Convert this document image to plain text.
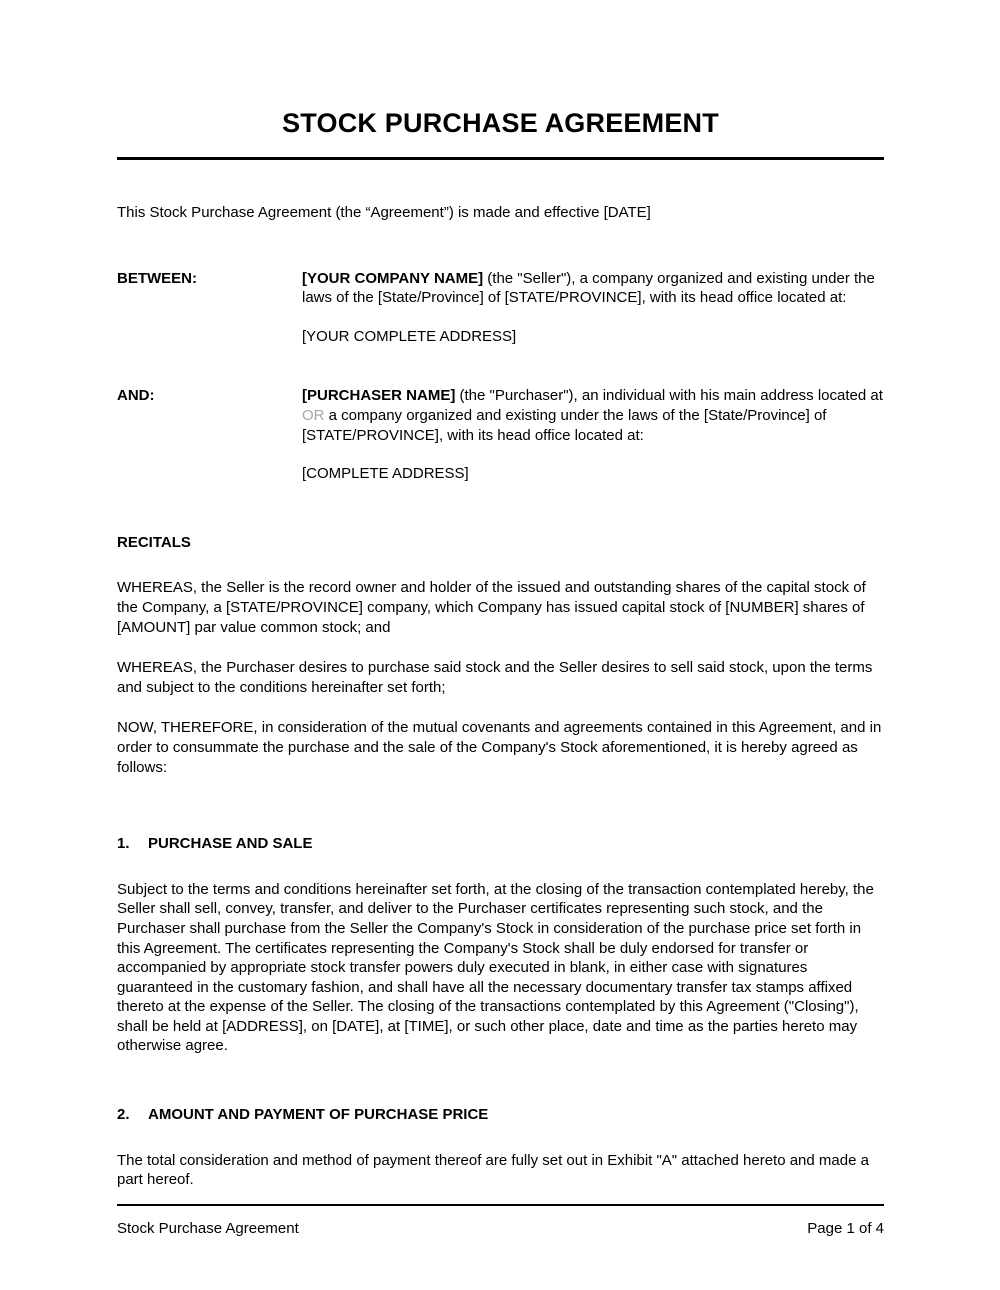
STOCK PURCHASE AGREEMENT

This Stock Purchase Agreement (the “Agreement”) is made and effective [DATE]

BETWEEN:	[YOUR COMPANY NAME] (the "Seller"), a company organized and existing under the laws of the [State/Province] of [STATE/PROVINCE], with its head office located at:
[YOUR COMPLETE ADDRESS]
AND:	[PURCHASER NAME] (the "Purchaser"), an individual with his main address located at OR a company organized and existing under the laws of the [State/Province] of [STATE/PROVINCE], with its head office located at:
[COMPLETE ADDRESS]
RECITALS

WHEREAS, the Seller is the record owner and holder of the issued and outstanding shares of the capital stock of the Company, a [STATE/PROVINCE] company, which Company has issued capital stock of [NUMBER] shares of [AMOUNT] par value common stock; and

WHEREAS, the Purchaser desires to purchase said stock and the Seller desires to sell said stock, upon the terms and subject to the conditions hereinafter set forth;

NOW, THEREFORE, in consideration of the mutual covenants and agreements contained in this Agreement, and in order to consummate the purchase and the sale of the Company's Stock aforementioned, it is hereby agreed as follows:

1.	PURCHASE AND SALE

Subject to the terms and conditions hereinafter set forth, at the closing of the transaction contemplated hereby, the Seller shall sell, convey, transfer, and deliver to the Purchaser certificates representing such stock, and the Purchaser shall purchase from the Seller the Company's Stock in consideration of the purchase price set forth in this Agreement. The certificates representing the Company's Stock shall be duly endorsed for transfer or accompanied by appropriate stock transfer powers duly executed in blank, in either case with signatures guaranteed in the customary fashion, and shall have all the necessary documentary transfer tax stamps affixed thereto at the expense of the Seller. The closing of the transactions contemplated by this Agreement ("Closing"), shall be held at [ADDRESS], on [DATE], at [TIME], or such other place, date and time as the parties hereto may otherwise agree.

2.	AMOUNT AND PAYMENT OF PURCHASE PRICE

The total consideration and method of payment thereof are fully set out in Exhibit "A" attached hereto and made a part hereof.

Stock Purchase Agreement	Page 1 of 4
